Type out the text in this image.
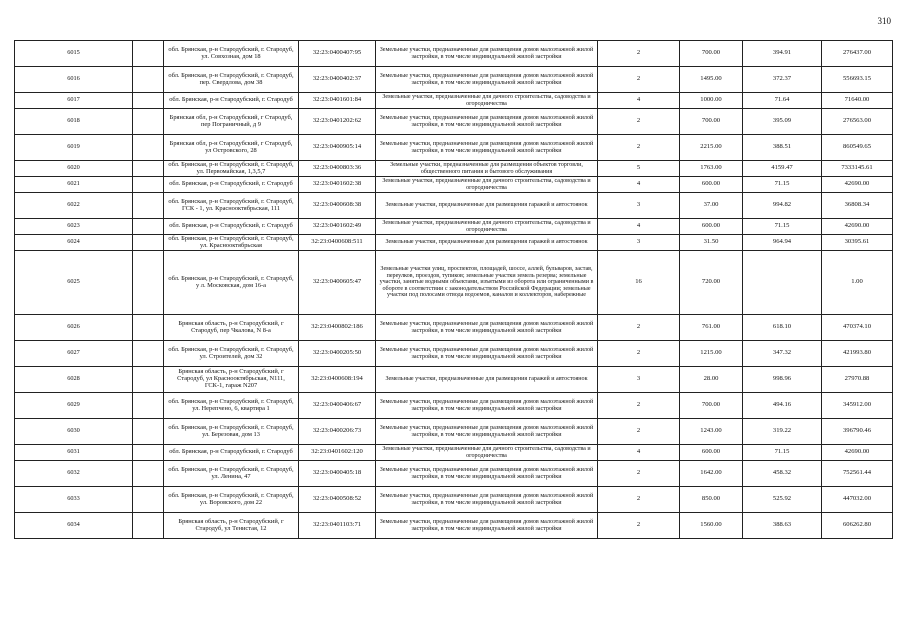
310
6015		обл. Брянская, р-н Стародубский, г. Стародуб, ул. Совхозная, дом 18	32:23:0400407:95	Земельные участки, предназначенные для размещения домов малоэтажной жилой застройки, в том числе индивидуальной жилой застройки	2	700.00	394.91	276437.00
6016		обл. Брянская, р-н Стародубский, г. Стародуб, пер. Свердлова, дом 38	32:23:0400402:37	Земельные участки, предназначенные для размещения домов малоэтажной жилой застройки, в том числе индивидуальной жилой застройки	2	1495.00	372.37	556693.15
6017		обл. Брянская, р-н Стародубский, г. Стародуб	32:23:0401601:84	Земельные участки, предназначенные для дачного строительства, садоводства и огородничества	4	1000.00	71.64	71640.00
6018		Брянская обл, р-н Стародубский, г Стародуб, пер Пограничный, д 9	32:23:0401202:62	Земельные участки, предназначенные для размещения домов малоэтажной жилой застройки, в том числе индивидуальной жилой застройки	2	700.00	395.09	276563.00
6019		Брянская обл, р-н Стародубский, г Стародуб, ул Островского, 28	32:23:0400905:14	Земельные участки, предназначенные для размещения домов малоэтажной жилой застройки, в том числе индивидуальной жилой застройки	2	2215.00	388.51	860549.65
6020		обл. Брянская, р-н Стародубский, г. Стародуб, ул. Первомайская, 1,3,5,7	32:23:0400803:36	Земельные участки, предназначенные для размещения объектов торговли, общественного питания и бытового обслуживания	5	1763.00	4159.47	7333145.61
6021		обл. Брянская, р-н Стародубский, г. Стародуб	32:23:0401602:38	Земельные участки, предназначенные для дачного строительства, садоводства и огородничества	4	600.00	71.15	42690.00
6022		обл. Брянская, р-н Стародубский, г. Стародуб, ГСК - 1, ул. Краснооктябрьская, 111	32:23:0400608:38	Земельные участки, предназначенные для размещения гаражей и автостоянок	3	37.00	994.82	36808.34
6023		обл. Брянская, р-н Стародубский, г. Стародуб	32:23:0401602:49	Земельные участки, предназначенные для дачного строительства, садоводства и огородничества	4	600.00	71.15	42690.00
6024		обл. Брянская, р-н Стародубский, г. Стародуб, ул. Краснооктябрьская	32:23:0400608:511	Земельные участки, предназначенные для размещения гаражей и автостоянок	3	31.50	964.94	30395.61
6025		обл. Брянская, р-н Стародубский, г. Стародуб, у л. Московская, дом 16-а	32:23:0400605:47	Земельные участки улиц, проспектов, площадей, шоссе, аллей, бульваров, застав, переулков, проездов, тупиков; земельные участки земель резерва; земельные участки, занятые водными объектами, изъятыми из оборота или ограниченными в обороте в соответствии с законодательством Российской Федерации; земельные участки под полосами отвода водоемов, каналов и коллекторов, набережные	16	720.00		1.00
6026		Брянская область, р-н Стародубский, г Стародуб, пер Чкалова, N 8-а	32:23:0400802:186	Земельные участки, предназначенные для размещения домов малоэтажной жилой застройки, в том числе индивидуальной жилой застройки	2	761.00	618.10	470374.10
6027		обл. Брянская, р-н Стародубский, г. Стародуб, ул. Строителей, дом 32	32:23:0400205:50	Земельные участки, предназначенные для размещения домов малоэтажной жилой застройки, в том числе индивидуальной жилой застройки	2	1215.00	347.32	421993.80
6028		Брянская область, р-н Стародубский, г Стародуб, ул Краснооктябрьская, N111, ГСК-1, гараж N207	32:23:0400608:194	Земельные участки, предназначенные для размещения гаражей и автостоянок	3	28.00	998.96	27970.88
6029		обл. Брянская, р-н Стародубский, г. Стародуб, ул. Нерепчено, 6, квартира 1	32:23:0400406:67	Земельные участки, предназначенные для размещения домов малоэтажной жилой застройки, в том числе индивидуальной жилой застройки	2	700.00	494.16	345912.00
6030		обл. Брянская, р-н Стародубский, г. Стародуб, ул. Березовая, дом 13	32:23:0400206:73	Земельные участки, предназначенные для размещения домов малоэтажной жилой застройки, в том числе индивидуальной жилой застройки	2	1243.00	319.22	396790.46
6031		обл. Брянская, р-н Стародубский, г. Стародуб	32:23:0401602:120	Земельные участки, предназначенные для дачного строительства, садоводства и огородничества	4	600.00	71.15	42690.00
6032		обл. Брянская, р-н Стародубский, г. Стародуб, ул. Ленина, 47	32:23:0400405:18	Земельные участки, предназначенные для размещения домов малоэтажной жилой застройки, в том числе индивидуальной жилой застройки	2	1642.00	458.32	752561.44
6033		обл. Брянская, р-н Стародубский, г. Стародуб, ул. Воровского, дом 22	32:23:0400508:52	Земельные участки, предназначенные для размещения домов малоэтажной жилой застройки, в том числе индивидуальной жилой застройки	2	850.00	525.92	447032.00
6034		Брянская область, р-н Стародубский, г Стародуб, ул Тенистая, 12	32:23:0401103:71	Земельные участки, предназначенные для размещения домов малоэтажной жилой застройки, в том числе индивидуальной жилой застройки	2	1560.00	388.63	606262.80
